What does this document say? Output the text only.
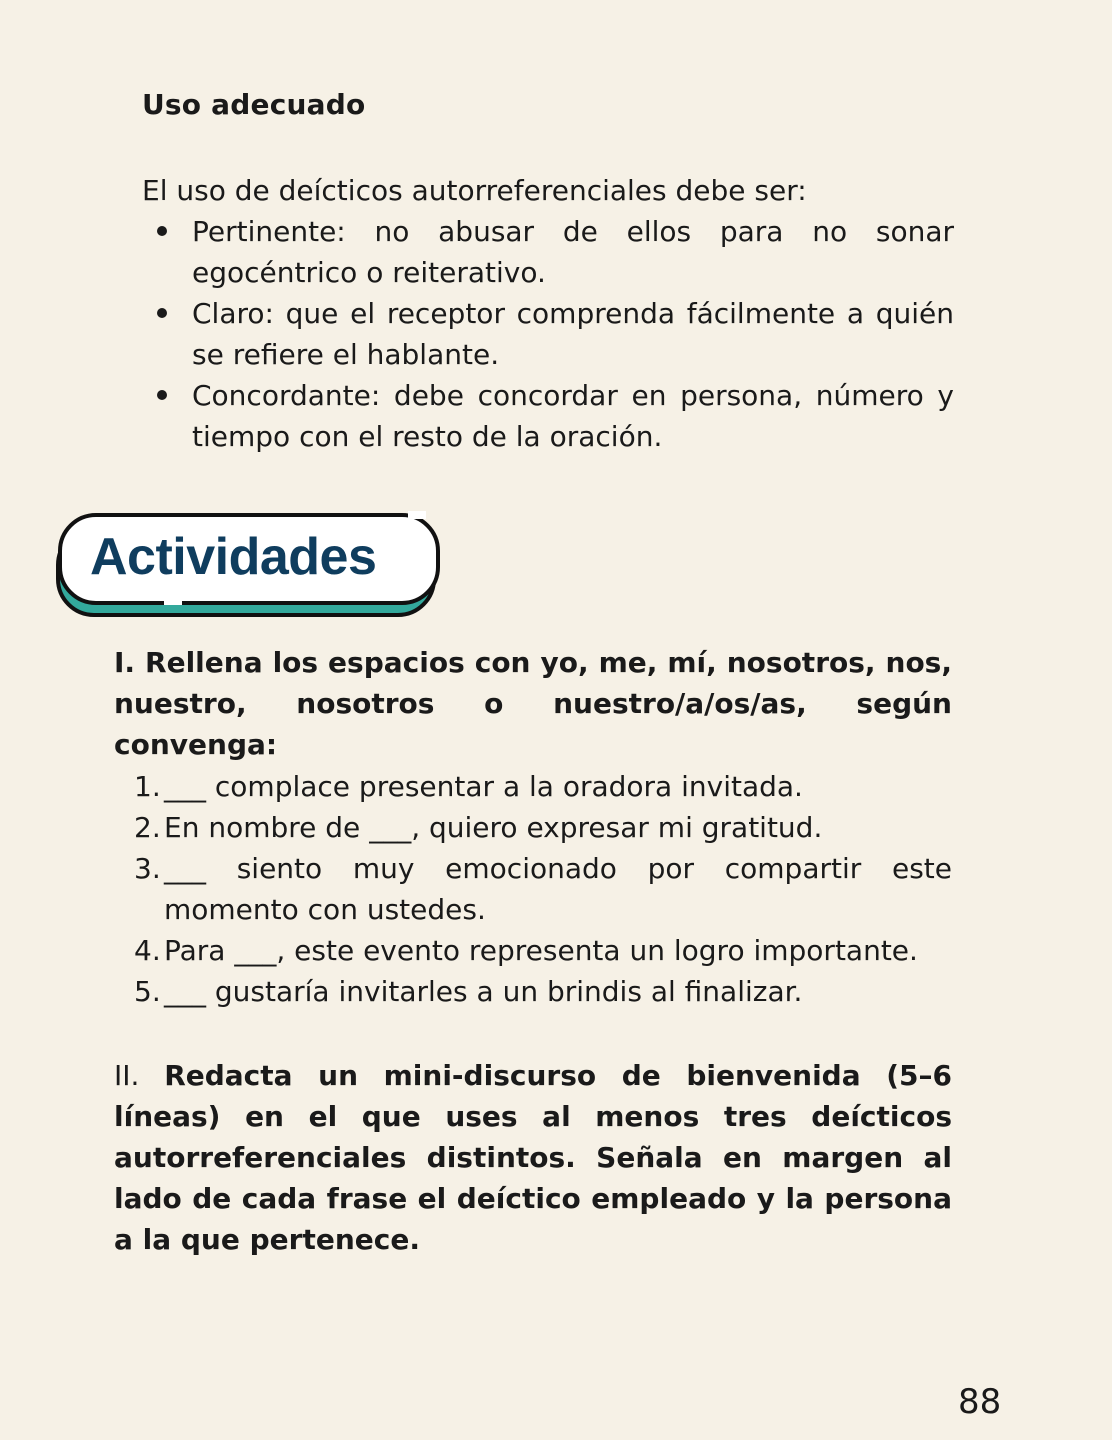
Uso adecuado
El uso de deícticos autorreferenciales debe ser:
Pertinente: no abusar de ellos para no sonar egocéntrico o reiterativo.
Claro: que el receptor comprenda fácilmente a quién se refiere el hablante.
Concordante: debe concordar en persona, número y tiempo con el resto de la oración.
Actividades
I. Rellena los espacios con yo, me, mí, nosotros, nos, nuestro, nosotros o nuestro/a/os/as, según convenga:
1. ___ complace presentar a la oradora invitada.
2. En nombre de ___, quiero expresar mi gratitud.
3. ___ siento muy emocionado por compartir este momento con ustedes.
4. Para ___, este evento representa un logro importante.
5. ___ gustaría invitarles a un brindis al finalizar.
II. Redacta un mini-discurso de bienvenida (5–6 líneas) en el que uses al menos tres deícticos autorreferenciales distintos. Señala en margen al lado de cada frase el deíctico empleado y la persona a la que pertenece.
88
